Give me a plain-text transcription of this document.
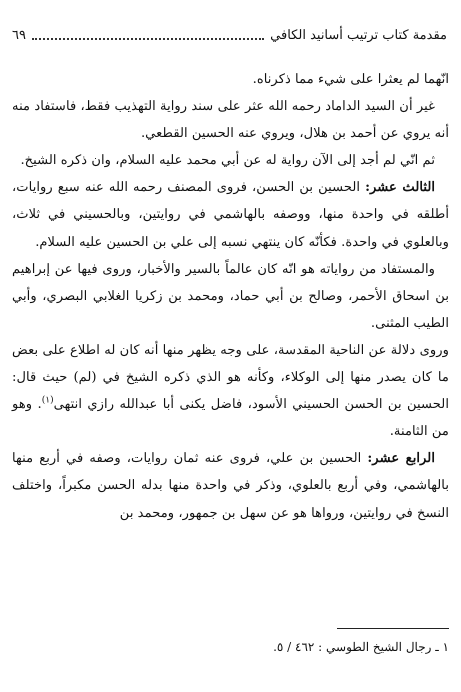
مقدمة كتاب ترتيب أسانيد الكافي
٦٩

انّهما لم يعثرا على شيء مما ذكرناه.

غير أن السيد الداماد رحمه الله عثر على سند رواية التهذيب فقط، فاستفاد منه أنه يروي عن أحمد بن هلال، ويروي عنه الحسين القطعي.

ثم انّي لم أجد إلى الآن رواية له عن أبي محمد عليه السلام، وان ذكره الشيخ.

الثالث عشر: الحسين بن الحسن، فروى المصنف رحمه الله عنه سبع روايات، أطلقه في واحدة منها، ووصفه بالهاشمي في روايتين، وبالحسيني في ثلاث، وبالعلوي في واحدة. فكأنّه كان ينتهي نسبه إلى علي بن الحسين عليه السلام.

والمستفاد من رواياته هو انّه كان عالماً بالسير والأخبار، وروى فيها عن إبراهيم بن اسحاق الأحمر، وصالح بن أبي حماد، ومحمد بن زكريا الغلابي البصري، وأبي الطيب المثنى.

وروى دلالة عن الناحية المقدسة، على وجه يظهر منها أنه كان له اطلاع على بعض ما كان يصدر منها إلى الوكلاء، وكأنه هو الذي ذكره الشيخ في (لم) حيث قال: الحسين بن الحسن الحسيني الأسود، فاضل يكنى أبا عبدالله رازي انتهى$^{(١)}$. وهو من الثامنة.

الرابع عشر: الحسين بن علي، فروى عنه ثمان روايات، وصفه في أربع منها بالهاشمي، وفي أربع بالعلوي، وذكر في واحدة منها بدله الحسن مكبراً، واختلف النسخ في روايتين، ورواها هو عن سهل بن جمهور، ومحمد بن

١ ـ رجال الشيخ الطوسي : ٤٦٢ / ٥.
